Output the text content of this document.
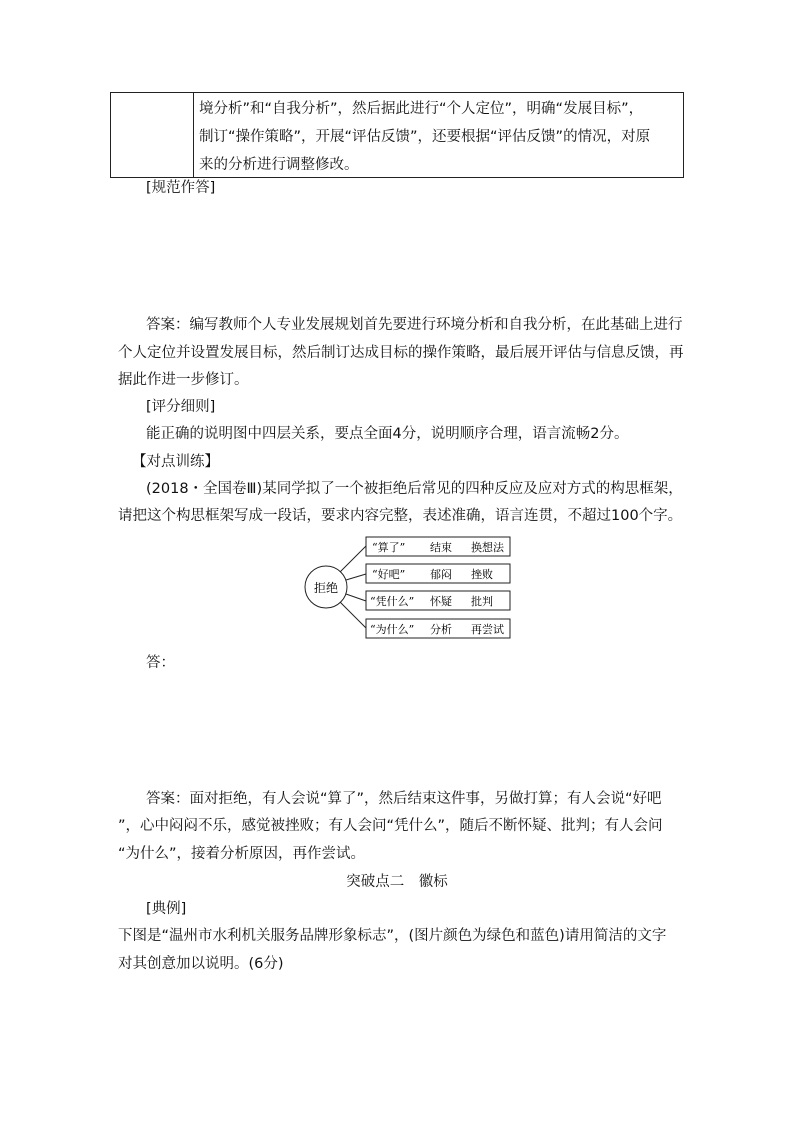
境分析”和“自我分析”，然后据此进行“个人定位”，明确“发展目标”，
制订“操作策略”，开展“评估反馈”，还要根据“评估反馈”的情况，对原
来的分析进行调整修改。
[规范作答]
答案：编写教师个人专业发展规划首先要进行环境分析和自我分析，在此基础上进行
个人定位并设置发展目标，然后制订达成目标的操作策略，最后展开评估与信息反馈，再
据此作进一步修订。
[评分细则]
能正确的说明图中四层关系，要点全面4分，说明顺序合理，语言流畅2分。
【对点训练】
(2018・全国卷Ⅲ)某同学拟了一个被拒绝后常见的四种反应及应对方式的构思框架，
请把这个构思框架写成一段话，要求内容完整，表述准确，语言连贯，不超过100个字。
拒绝
“算了” 结束 换想法
“好吧” 郁闷 挫败
“凭什么” 怀疑 批判
“为什么” 分析 再尝试
答：
答案：面对拒绝，有人会说“算了”，然后结束这件事，另做打算；有人会说“好吧
”，心中闷闷不乐，感觉被挫败；有人会问“凭什么”，随后不断怀疑、批判；有人会问
“为什么”，接着分析原因，再作尝试。
突破点二　徽标
[典例]
下图是“温州市水利机关服务品牌形象标志”，(图片颜色为绿色和蓝色)请用简洁的文字
对其创意加以说明。(6分)
